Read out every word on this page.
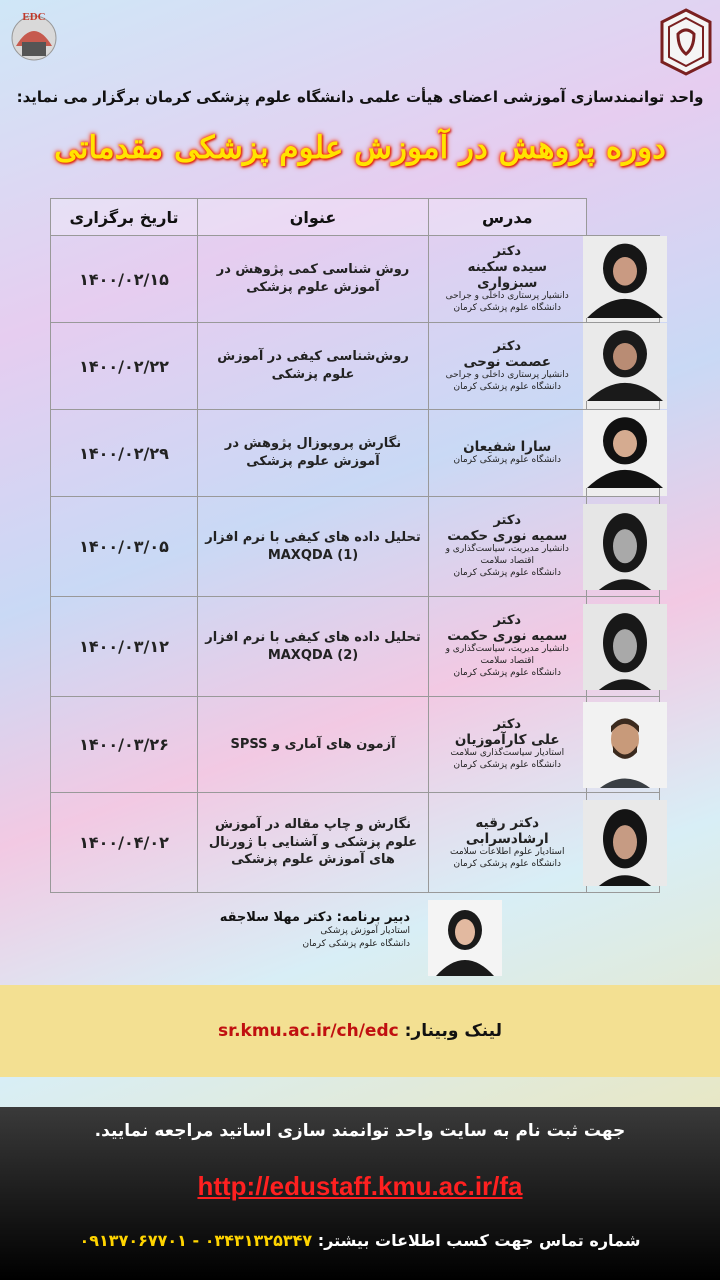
EDC
واحد توانمندسازی آموزشی اعضای هیأت علمی دانشگاه علوم پزشکی کرمان برگزار می نماید:
دوره پژوهش در آموزش علوم پزشکی مقدماتی
	مدرس	عنوان	تاریخ برگزاری

دکتر
سیده سکینه سبزواری
دانشیار پرستاری داخلی و جراحی
دانشگاه علوم پزشکی کرمان	روش شناسی کمی پژوهش در آموزش علوم پزشکی	۱۴۰۰/۰۲/۱۵

دکتر
عصمت نوحی
دانشیار پرستاری داخلی و جراحی
دانشگاه علوم پزشکی کرمان	روش‌شناسی کیفی در آموزش علوم پزشکی	۱۴۰۰/۰۲/۲۲

سارا شفیعان
دانشگاه علوم پزشکی کرمان	نگارش پروپوزال پژوهش در آموزش علوم پزشکی	۱۴۰۰/۰۲/۲۹

دکتر
سمیه نوری حکمت
دانشیار مدیریت، سیاست‌گذاری و
اقتصاد سلامت
دانشگاه علوم پزشکی کرمان	تحلیل داده های کیفی با نرم افزار MAXQDA (1)	۱۴۰۰/۰۳/۰۵

دکتر
سمیه نوری حکمت
دانشیار مدیریت، سیاست‌گذاری و
اقتصاد سلامت
دانشگاه علوم پزشکی کرمان	تحلیل داده های کیفی با نرم افزار MAXQDA (2)	۱۴۰۰/۰۳/۱۲

دکتر
علی کارآموزیان
استادیار سیاست‌گذاری سلامت
دانشگاه علوم پزشکی کرمان	آزمون های آماری و SPSS	۱۴۰۰/۰۳/۲۶

دکتر رقیه ارشادسرابی
استادیار علوم اطلاعات سلامت
دانشگاه علوم پزشکی کرمان	نگارش و چاپ مقاله در آموزش علوم پزشکی و آشنایی با ژورنال های آموزش علوم پزشکی	۱۴۰۰/۰۴/۰۲
دبیر برنامه: دکتر مهلا سلاجقه
استادیار آموزش پزشکی
دانشگاه علوم پزشکی کرمان
لینک وبینار: sr.kmu.ac.ir/ch/edc
جهت ثبت نام به سایت واحد توانمند سازی اساتید مراجعه نمایید.
http://edustaff.kmu.ac.ir/fa
شماره تماس جهت کسب اطلاعات بیشتر: ۰۳۴۳۱۳۲۵۳۴۷ - ۰۹۱۳۷۰۶۷۷۰۱
